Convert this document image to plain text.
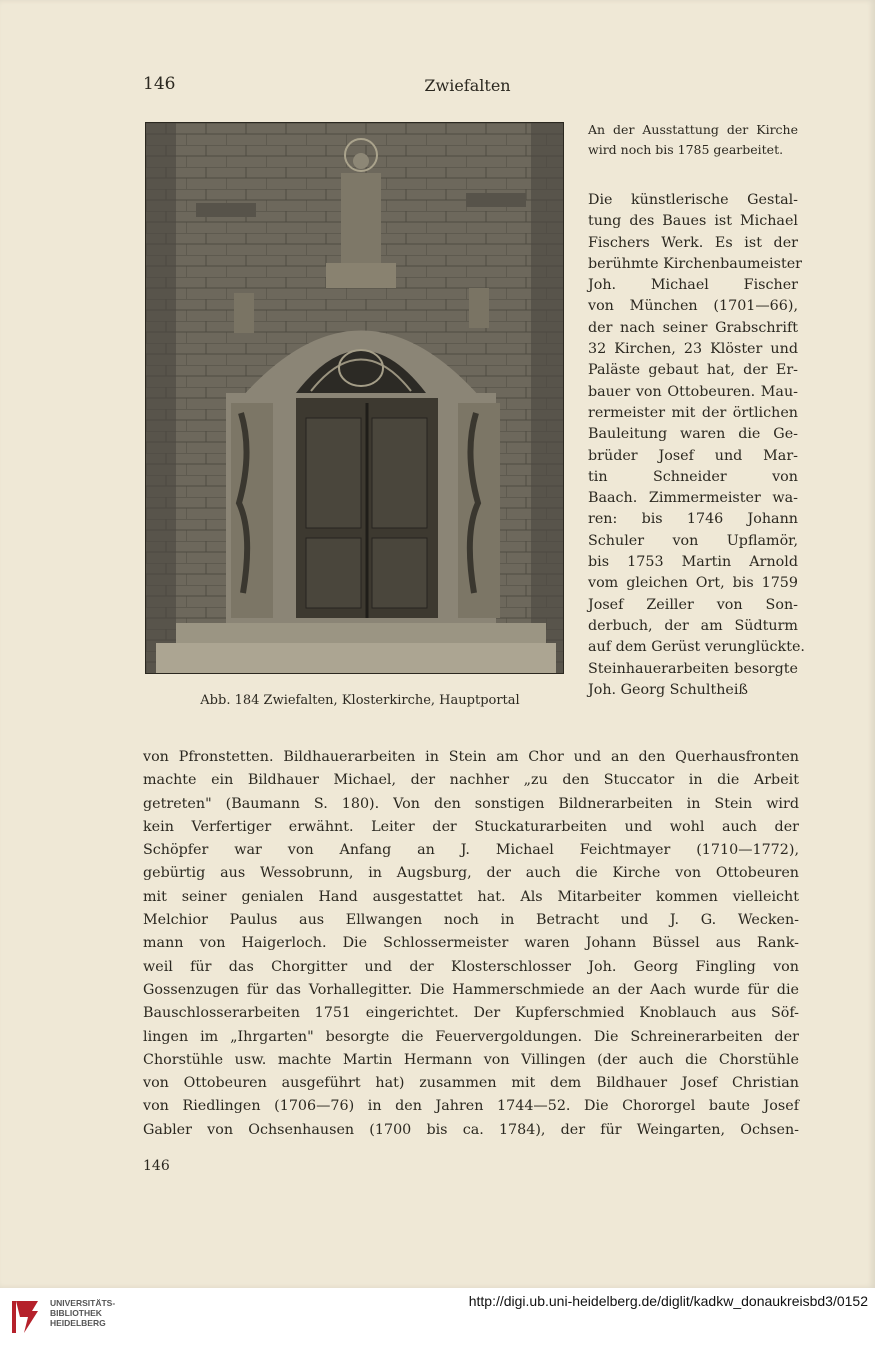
146	Zwiefalten
Abb. 184 Zwiefalten, Klosterkirche, Hauptportal
An der Ausstattung der Kirche wird noch bis 1785 gearbeitet.
Die künstlerische Gestal-
tung des Baues ist Michael
Fischers Werk. Es ist der
berühmte Kirchenbaumeister
Joh. Michael Fischer
von München (1701—66),
der nach seiner Grabschrift
32 Kirchen, 23 Klöster und
Paläste gebaut hat, der Er-
bauer von Ottobeuren. Mau-
rermeister mit der örtlichen
Bauleitung waren die Ge-
brüder Josef und Mar-
tin Schneider von
Baach. Zimmermeister wa-
ren: bis 1746 Johann
Schuler von Upflamör,
bis 1753 Martin Arnold
vom gleichen Ort, bis 1759
Josef Zeiller von Son-
derbuch, der am Südturm
auf dem Gerüst verunglückte.
Steinhauerarbeiten besorgte
Joh. Georg Schultheiß
von Pfronstetten. Bildhauerarbeiten in Stein am Chor und an den Querhausfronten
machte ein Bildhauer Michael, der nachher „zu den Stuccator in die Arbeit
getreten" (Baumann S. 180). Von den sonstigen Bildnerarbeiten in Stein wird
kein Verfertiger erwähnt. Leiter der Stuckaturarbeiten und wohl auch der
Schöpfer war von Anfang an J. Michael Feichtmayer (1710—1772),
gebürtig aus Wessobrunn, in Augsburg, der auch die Kirche von Ottobeuren
mit seiner genialen Hand ausgestattet hat. Als Mitarbeiter kommen vielleicht
Melchior Paulus aus Ellwangen noch in Betracht und J. G. Wecken-
mann von Haigerloch. Die Schlossermeister waren Johann Büssel aus Rank-
weil für das Chorgitter und der Klosterschlosser Joh. Georg Fingling von
Gossenzugen für das Vorhallegitter. Die Hammerschmiede an der Aach wurde für die
Bauschlosserarbeiten 1751 eingerichtet. Der Kupferschmied Knoblauch aus Söf-
lingen im „Ihrgarten" besorgte die Feuervergoldungen. Die Schreinerarbeiten der
Chorstühle usw. machte Martin Hermann von Villingen (der auch die Chorstühle
von Ottobeuren ausgeführt hat) zusammen mit dem Bildhauer Josef Christian
von Riedlingen (1706—76) in den Jahren 1744—52. Die Chororgel baute Josef
Gabler von Ochsenhausen (1700 bis ca. 1784), der für Weingarten, Ochsen-
146
UNIVERSITÄTS-
BIBLIOTHEK
HEIDELBERG
http://digi.ub.uni-heidelberg.de/diglit/kadkw_donaukreisbd3/0152
